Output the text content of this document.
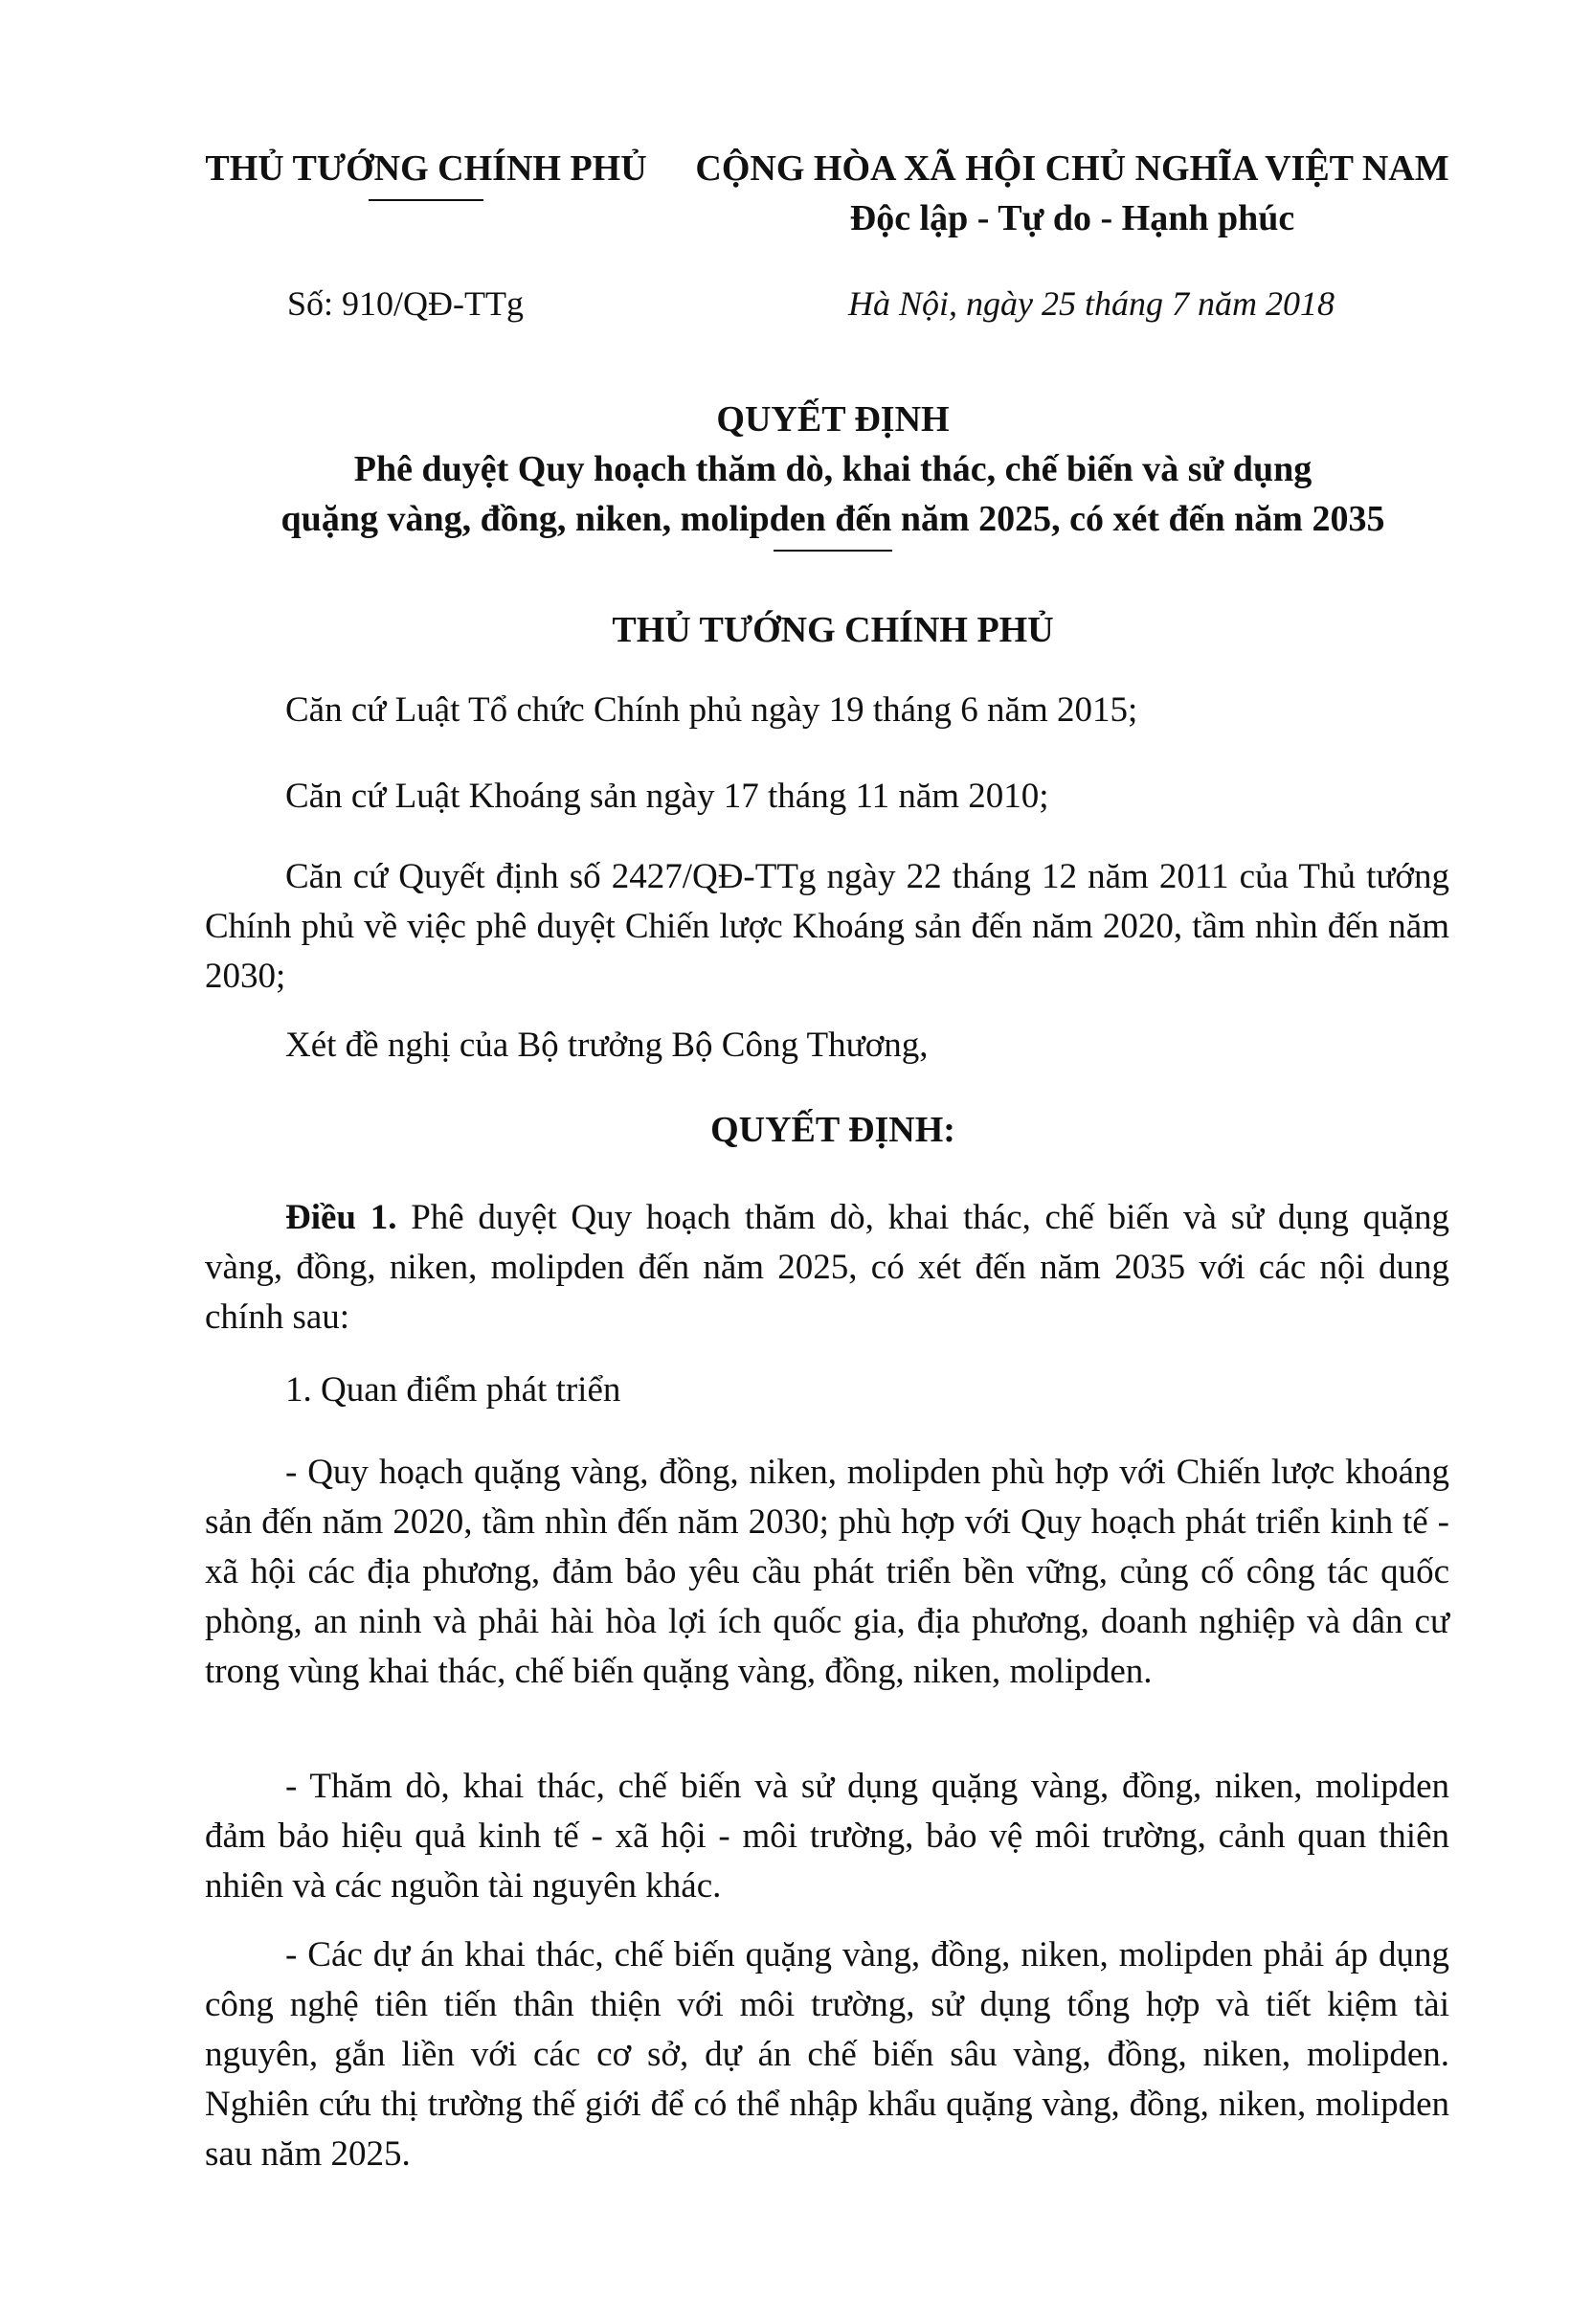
THỦ TƯỚNG CHÍNH PHỦ	CỘNG HÒA XÃ HỘI CHỦ NGHĨA VIỆT NAM
Độc lập - Tự do - Hạnh phúc
Số: 910/QĐ-TTg	Hà Nội, ngày 25 tháng 7 năm 2018
QUYẾT ĐỊNH
Phê duyệt Quy hoạch thăm dò, khai thác, chế biến và sử dụng
quặng vàng, đồng, niken, molipden đến năm 2025, có xét đến năm 2035
THỦ TƯỚNG CHÍNH PHỦ
Căn cứ Luật Tổ chức Chính phủ ngày 19 tháng 6 năm 2015;
Căn cứ Luật Khoáng sản ngày 17 tháng 11 năm 2010;
Căn cứ Quyết định số 2427/QĐ-TTg ngày 22 tháng 12 năm 2011 của Thủ tướng Chính phủ về việc phê duyệt Chiến lược Khoáng sản đến năm 2020, tầm nhìn đến năm 2030;
Xét đề nghị của Bộ trưởng Bộ Công Thương,
QUYẾT ĐỊNH:
Điều 1. Phê duyệt Quy hoạch thăm dò, khai thác, chế biến và sử dụng quặng vàng, đồng, niken, molipden đến năm 2025, có xét đến năm 2035 với các nội dung chính sau:
1. Quan điểm phát triển
- Quy hoạch quặng vàng, đồng, niken, molipden phù hợp với Chiến lược khoáng sản đến năm 2020, tầm nhìn đến năm 2030; phù hợp với Quy hoạch phát triển kinh tế - xã hội các địa phương, đảm bảo yêu cầu phát triển bền vững, củng cố công tác quốc phòng, an ninh và phải hài hòa lợi ích quốc gia, địa phương, doanh nghiệp và dân cư trong vùng khai thác, chế biến quặng vàng, đồng, niken, molipden.
- Thăm dò, khai thác, chế biến và sử dụng quặng vàng, đồng, niken, molipden đảm bảo hiệu quả kinh tế - xã hội - môi trường, bảo vệ môi trường, cảnh quan thiên nhiên và các nguồn tài nguyên khác.
- Các dự án khai thác, chế biến quặng vàng, đồng, niken, molipden phải áp dụng công nghệ tiên tiến thân thiện với môi trường, sử dụng tổng hợp và tiết kiệm tài nguyên, gắn liền với các cơ sở, dự án chế biến sâu vàng, đồng, niken, molipden. Nghiên cứu thị trường thế giới để có thể nhập khẩu quặng vàng, đồng, niken, molipden sau năm 2025.
